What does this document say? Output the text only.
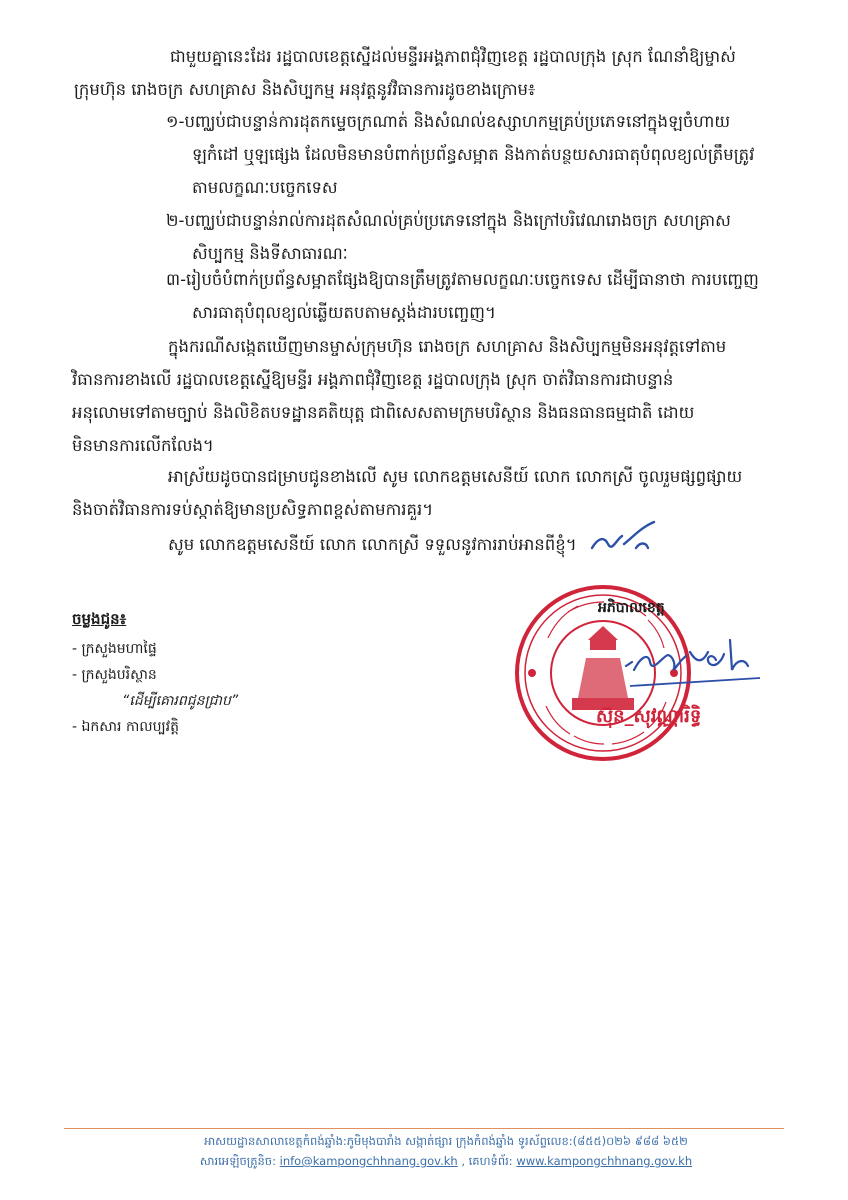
ជាមួយគ្នានេះដែរ រដ្ឋបាលខេត្តស្នើដល់មន្ទីរអង្គភាពជុំវិញខេត្ត រដ្ឋបាលក្រុង ស្រុក ណែនាំឱ្យម្ចាស់
ក្រុមហ៊ុន រោងចក្រ សហគ្រាស និងសិប្បកម្ម អនុវត្តនូវវិធានការដូចខាងក្រោម៖
១-បញ្ឈប់ជាបន្ទាន់ការដុតកម្ទេចក្រណាត់ និងសំណល់ឧស្សាហកម្មគ្រប់ប្រភេទនៅក្នុងឡចំហាយ
ឡកំដៅ ឬឡផ្សេង ដែលមិនមានបំពាក់ប្រព័ន្ធសម្អាត និងកាត់បន្ថយសារធាតុបំពុលខ្យល់ត្រឹមត្រូវ
តាមលក្ខណៈបច្ចេកទេស
២-បញ្ឈប់ជាបន្ទាន់រាល់ការដុតសំណល់គ្រប់ប្រភេទនៅក្នុង និងក្រៅបរិវេណរោងចក្រ សហគ្រាស
សិប្បកម្ម និងទីសាធារណៈ
៣-រៀបចំបំពាក់ប្រព័ន្ធសម្អាតផ្សែងឱ្យបានត្រឹមត្រូវតាមលក្ខណៈបច្ចេកទេស ដើម្បីធានាថា ការបញ្ចេញ
សារធាតុបំពុលខ្យល់ឆ្លើយតបតាមស្តង់ដារបញ្ចេញ។
ក្នុងករណីសង្កេតឃើញមានម្ចាស់ក្រុមហ៊ុន រោងចក្រ សហគ្រាស និងសិប្បកម្មមិនអនុវត្តទៅតាម
វិធានការខាងលើ រដ្ឋបាលខេត្តស្នើឱ្យមន្ទីរ អង្គភាពជុំវិញខេត្ត រដ្ឋបាលក្រុង ស្រុក ចាត់វិធានការជាបន្ទាន់
អនុលោមទៅតាមច្បាប់ និងលិខិតបទដ្ឋានគតិយុត្ត ជាពិសេសតាមក្រមបរិស្ថាន និងធនធានធម្មជាតិ ដោយ
មិនមានការលើកលែង។
អាស្រ័យដូចបានជម្រាបជូនខាងលើ សូម លោកឧត្តមសេនីយ៍ លោក លោកស្រី ចូលរួមផ្សព្វផ្សាយ
និងចាត់វិធានការទប់ស្កាត់ឱ្យមានប្រសិទ្ធភាពខ្ពស់តាមការគួរ។
សូម លោកឧត្តមសេនីយ៍ លោក លោកស្រី ទទួលនូវការរាប់អានពីខ្ញុំ។
អភិបាលខេត្ត
ស៊ុន_សុវណ្ណារិទ្ធិ
ចម្លងជូន៖
- ក្រសួងមហាផ្ទៃ
- ក្រសួងបរិស្ថាន
“ដើម្បីគោរពជូនជ្រាប”
- ឯកសារ កាលប្បវត្តិ
អាសយដ្ឋានសាលាខេត្តកំពង់ឆ្នាំង:ភូមិមុងបារាំង សង្កាត់ផ្សារ ក្រុងកំពង់ឆ្នាំង ទូរស័ព្ទលេខ:(៨៥៥)០២៦ ៩៨៨ ៦៥២
សារអេឡិចត្រូនិច: info@kampongchhnang.gov.kh , គេហទំព័រ: www.kampongchhnang.gov.kh
